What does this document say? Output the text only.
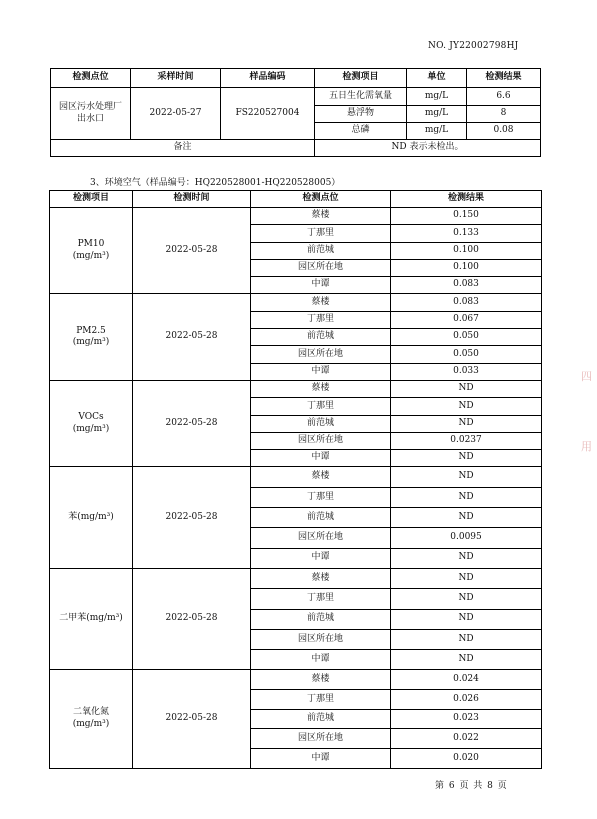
NO. JY22002798HJ
检测点位	采样时间	样品编码	检测项目	单位	检测结果
园区污水处理厂出水口	2022-05-27	FS220527004	五日生化需氧量	mg/L	6.6
			悬浮物	mg/L	8
			总磷	mg/L	0.08
备注			ND 表示未检出。		
3、环境空气（样品编号：HQ220528001-HQ220528005）
检测项目	检测时间	检测点位	检测结果

PM10
(mg/m³)	2022-05-28	蔡楼	0.150
		丁那里	0.133
		前范城	0.100
		园区所在地	0.100
		中谭	0.083

PM2.5
(mg/m³)	2022-05-28	蔡楼	0.083
		丁那里	0.067
		前范城	0.050
		园区所在地	0.050
		中谭	0.033

VOCs
(mg/m³)	2022-05-28	蔡楼	ND
		丁那里	ND
		前范城	ND
		园区所在地	0.0237
		中谭	ND

苯(mg/m³)	2022-05-28	蔡楼	ND
		丁那里	ND
		前范城	ND
		园区所在地	0.0095
		中谭	ND

二甲苯(mg/m³)	2022-05-28	蔡楼	ND
		丁那里	ND
		前范城	ND
		园区所在地	ND
		中谭	ND

二氧化氮
(mg/m³)	2022-05-28	蔡楼	0.024
		丁那里	0.026
		前范城	0.023
		园区所在地	0.022
		中谭	0.020
第 6 页 共 8 页
四
用
